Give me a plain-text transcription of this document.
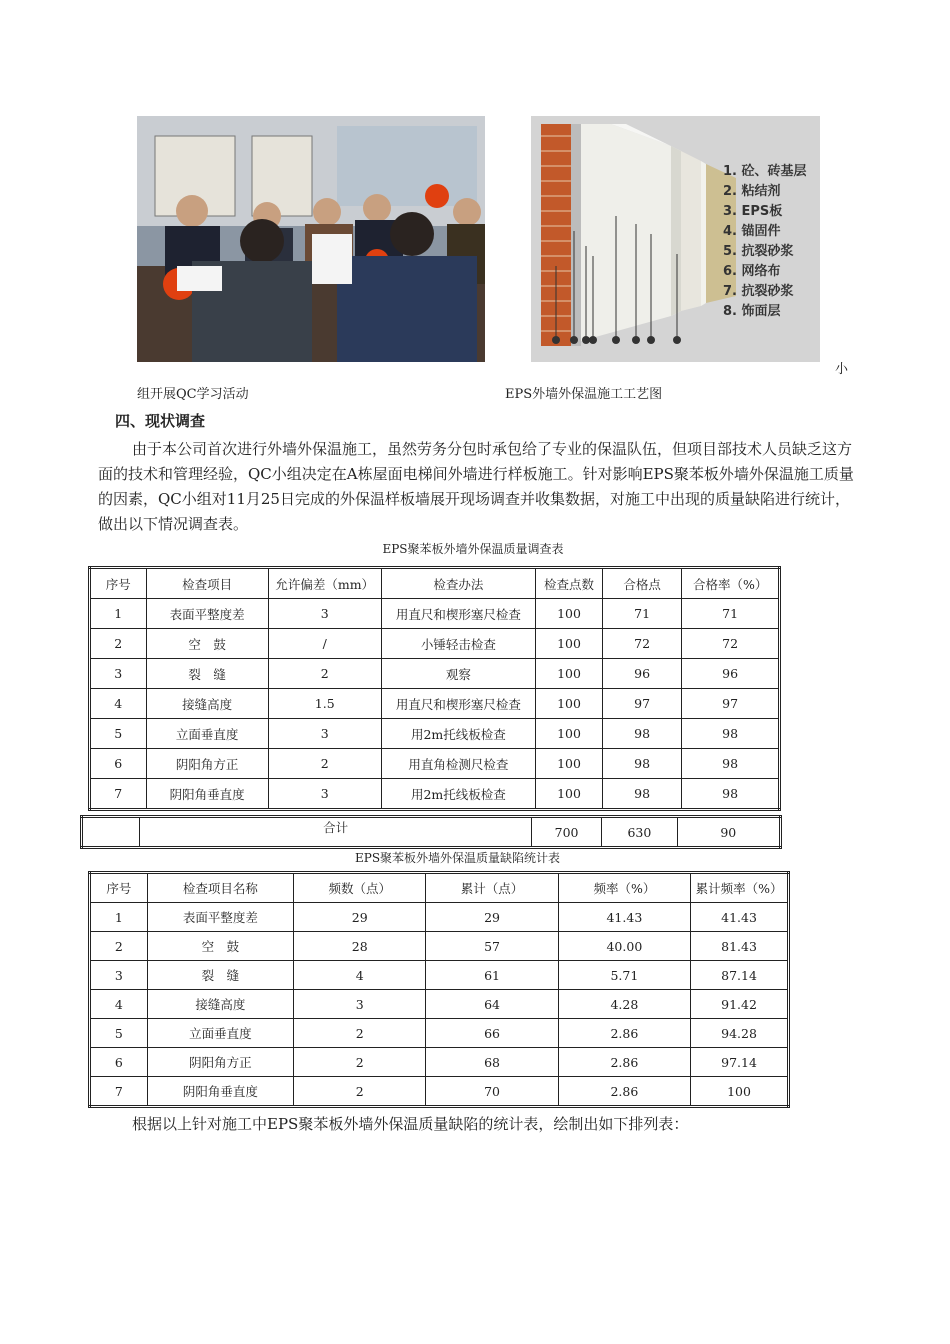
1. 砼、砖基层
2. 粘结剂
3. EPS板
4. 锚固件
5. 抗裂砂浆
6. 网络布
7. 抗裂砂浆
8. 饰面层
小
组开展QC学习活动	EPS外墙外保温施工工艺图
四、现状调查
由于本公司首次进行外墙外保温施工，虽然劳务分包时承包给了专业的保温队伍，但项目部技术人员缺乏这方面的技术和管理经验，QC小组决定在A栋屋面电梯间外墙进行样板施工。针对影响EPS聚苯板外墙外保温施工质量的因素，QC小组对11月25日完成的外保温样板墙展开现场调查并收集数据，对施工中出现的质量缺陷进行统计，做出以下情况调查表。
EPS聚苯板外墙外保温质量调查表
序号	检查项目	允许偏差（mm）	检查办法	检查点数	合格点	合格率（%）
1	表面平整度差	3	用直尺和楔形塞尺检查	100	71	71
2	空　鼓	/	小锤轻击检查	100	72	72
3	裂　缝	2	观察	100	96	96
4	接缝高度	1.5	用直尺和楔形塞尺检查	100	97	97
5	立面垂直度	3	用2m托线板检查	100	98	98
6	阴阳角方正	2	用直角检测尺检查	100	98	98
7	阴阳角垂直度	3	用2m托线板检查	100	98	98
	合计	700	630	90
EPS聚苯板外墙外保温质量缺陷统计表
序号	检查项目名称	频数（点）	累计（点）	频率（%）	累计频率（%）
1	表面平整度差	29	29	41.43	41.43
2	空　鼓	28	57	40.00	81.43
3	裂　缝	4	61	5.71	87.14
4	接缝高度	3	64	4.28	91.42
5	立面垂直度	2	66	2.86	94.28
6	阴阳角方正	2	68	2.86	97.14
7	阴阳角垂直度	2	70	2.86	100
根据以上针对施工中EPS聚苯板外墙外保温质量缺陷的统计表，绘制出如下排列表：
